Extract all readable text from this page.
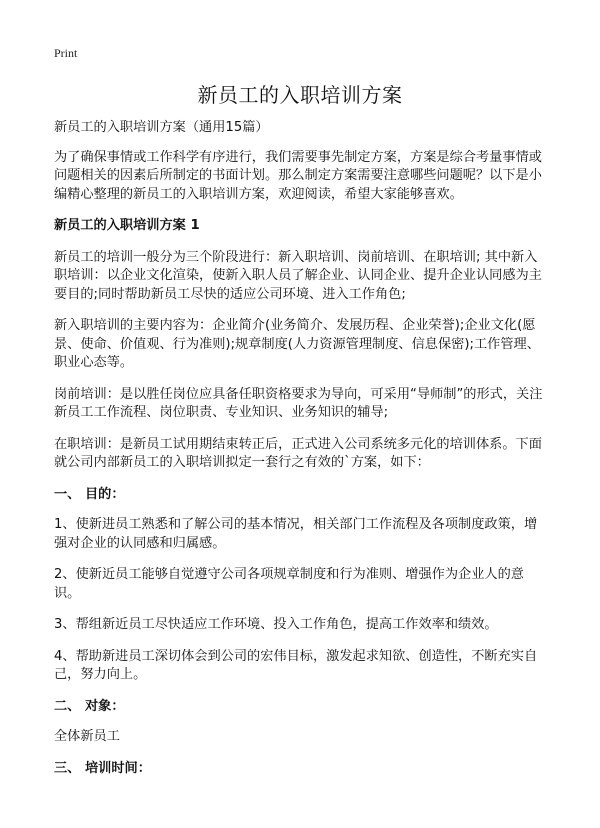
Print
新员工的入职培训方案

新员工的入职培训方案（通用15篇）

为了确保事情或工作科学有序进行，我们需要事先制定方案，方案是综合考量事情或问题相关的因素后所制定的书面计划。那么制定方案需要注意哪些问题呢？以下是小编精心整理的新员工的入职培训方案，欢迎阅读，希望大家能够喜欢。

新员工的入职培训方案 1

新员工的培训一般分为三个阶段进行：新入职培训、岗前培训、在职培训; 其中新入职培训：以企业文化渲染，使新入职人员了解企业、认同企业、提升企业认同感为主要目的;同时帮助新员工尽快的适应公司环境、进入工作角色;

新入职培训的主要内容为：企业简介(业务简介、发展历程、企业荣誉);企业文化(愿景、使命、价值观、行为准则);规章制度(人力资源管理制度、信息保密);工作管理、职业心态等。

岗前培训：是以胜任岗位应具备任职资格要求为导向，可采用“导师制”的形式，关注新员工工作流程、岗位职责、专业知识、业务知识的辅导;

在职培训：是新员工试用期结束转正后，正式进入公司系统多元化的培训体系。下面就公司内部新员工的入职培训拟定一套行之有效的`方案，如下：

一、 目的：

1、使新进员工熟悉和了解公司的基本情况，相关部门工作流程及各项制度政策，增强对企业的认同感和归属感。

2、使新近员工能够自觉遵守公司各项规章制度和行为准则、增强作为企业人的意识。

3、帮组新近员工尽快适应工作环境、投入工作角色，提高工作效率和绩效。

4、帮助新进员工深切体会到公司的宏伟目标，激发起求知欲、创造性，不断充实自己，努力向上。

二、 对象：

全体新员工

三、 培训时间：
